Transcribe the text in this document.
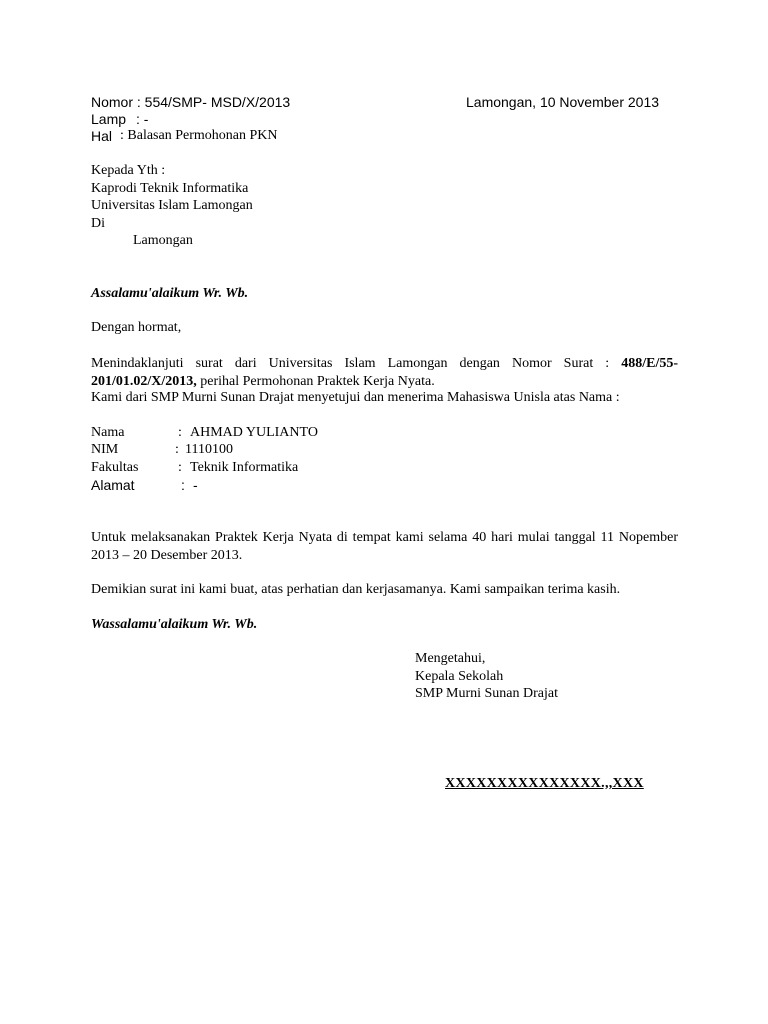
Nomor : 554/SMP- MSD/X/2013	Lamongan, 10 November 2013
Lamp : -
Hal : Balasan Permohonan PKN
Kepada Yth :
Kaprodi Teknik Informatika
Universitas Islam Lamongan
Di
Lamongan
Assalamu'alaikum Wr. Wb.
Dengan hormat,
Menindaklanjuti surat dari Universitas Islam Lamongan dengan Nomor Surat : 488/E/55-201/01.02/X/2013, perihal Permohonan Praktek Kerja Nyata.
Kami dari SMP Murni Sunan Drajat menyetujui dan menerima Mahasiswa Unisla atas Nama :
Nama	: AHMAD YULIANTO
NIM	: 1110100
Fakultas	: Teknik Informatika
Alamat	: -
Untuk melaksanakan Praktek Kerja Nyata di tempat kami selama 40 hari mulai tanggal 11 Nopember 2013 – 20 Desember 2013.
Demikian surat ini kami buat, atas perhatian dan kerjasamanya. Kami sampaikan terima kasih.
Wassalamu'alaikum Wr. Wb.
Mengetahui,
Kepala Sekolah
SMP Murni Sunan Drajat
XXXXXXXXXXXXXXX.,,XXX
